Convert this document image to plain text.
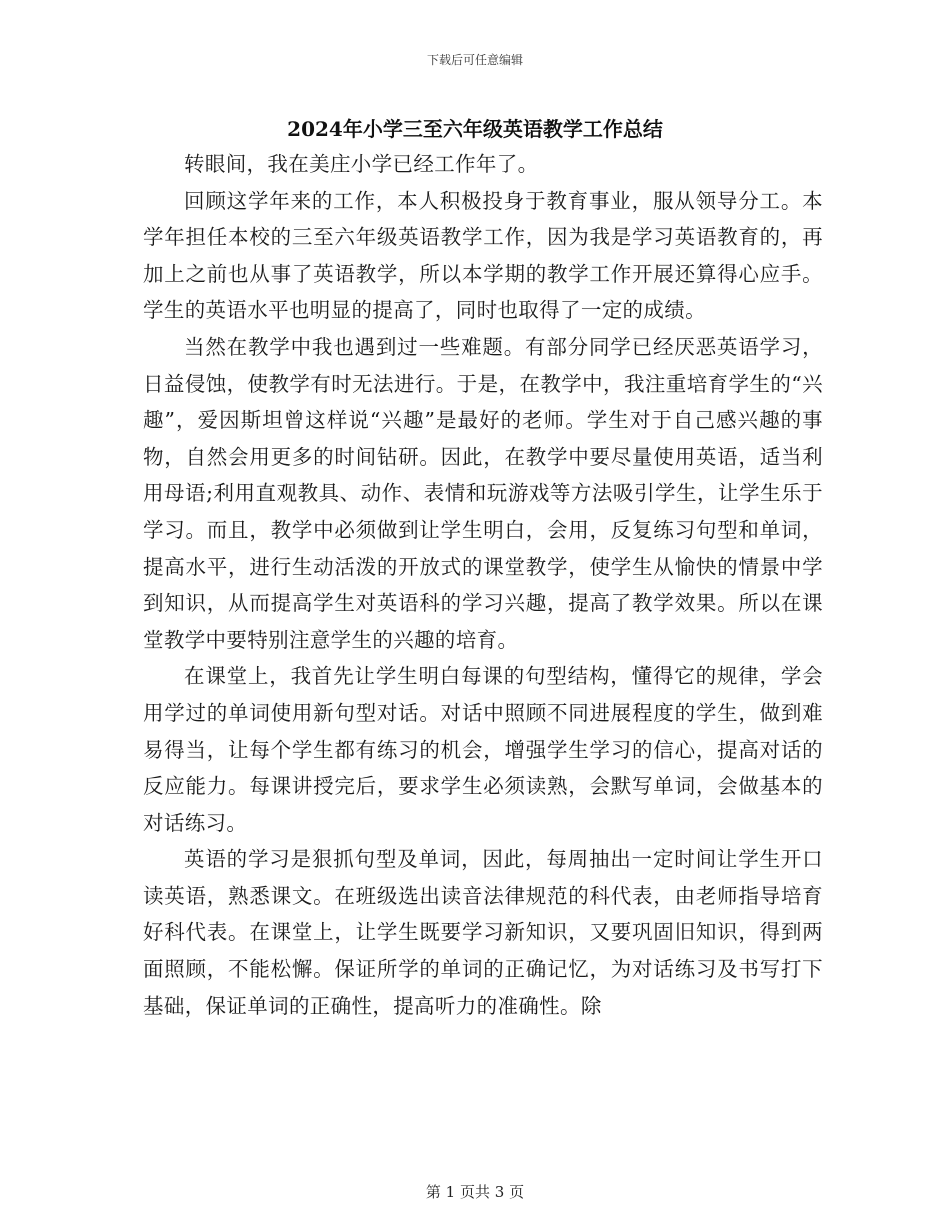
下载后可任意编辑
2024年小学三至六年级英语教学工作总结

转眼间，我在美庄小学已经工作年了。

回顾这学年来的工作，本人积极投身于教育事业，服从领导分工。本学年担任本校的三至六年级英语教学工作，因为我是学习英语教育的，再加上之前也从事了英语教学，所以本学期的教学工作开展还算得心应手。学生的英语水平也明显的提高了，同时也取得了一定的成绩。

当然在教学中我也遇到过一些难题。有部分同学已经厌恶英语学习，日益侵蚀，使教学有时无法进行。于是，在教学中，我注重培育学生的“兴趣”，爱因斯坦曾这样说“兴趣”是最好的老师。学生对于自己感兴趣的事物，自然会用更多的时间钻研。因此，在教学中要尽量使用英语，适当利用母语;利用直观教具、动作、表情和玩游戏等方法吸引学生，让学生乐于学习。而且，教学中必须做到让学生明白，会用，反复练习句型和单词，提高水平，进行生动活泼的开放式的课堂教学，使学生从愉快的情景中学到知识，从而提高学生对英语科的学习兴趣，提高了教学效果。所以在课堂教学中要特别注意学生的兴趣的培育。

在课堂上，我首先让学生明白每课的句型结构，懂得它的规律，学会用学过的单词使用新句型对话。对话中照顾不同进展程度的学生，做到难易得当，让每个学生都有练习的机会，增强学生学习的信心，提高对话的反应能力。每课讲授完后，要求学生必须读熟，会默写单词，会做基本的对话练习。

英语的学习是狠抓句型及单词，因此，每周抽出一定时间让学生开口读英语，熟悉课文。在班级选出读音法律规范的科代表，由老师指导培育好科代表。在课堂上，让学生既要学习新知识，又要巩固旧知识，得到两面照顾，不能松懈。保证所学的单词的正确记忆，为对话练习及书写打下基础，保证单词的正确性，提高听力的准确性。除

第 1 页共 3 页
